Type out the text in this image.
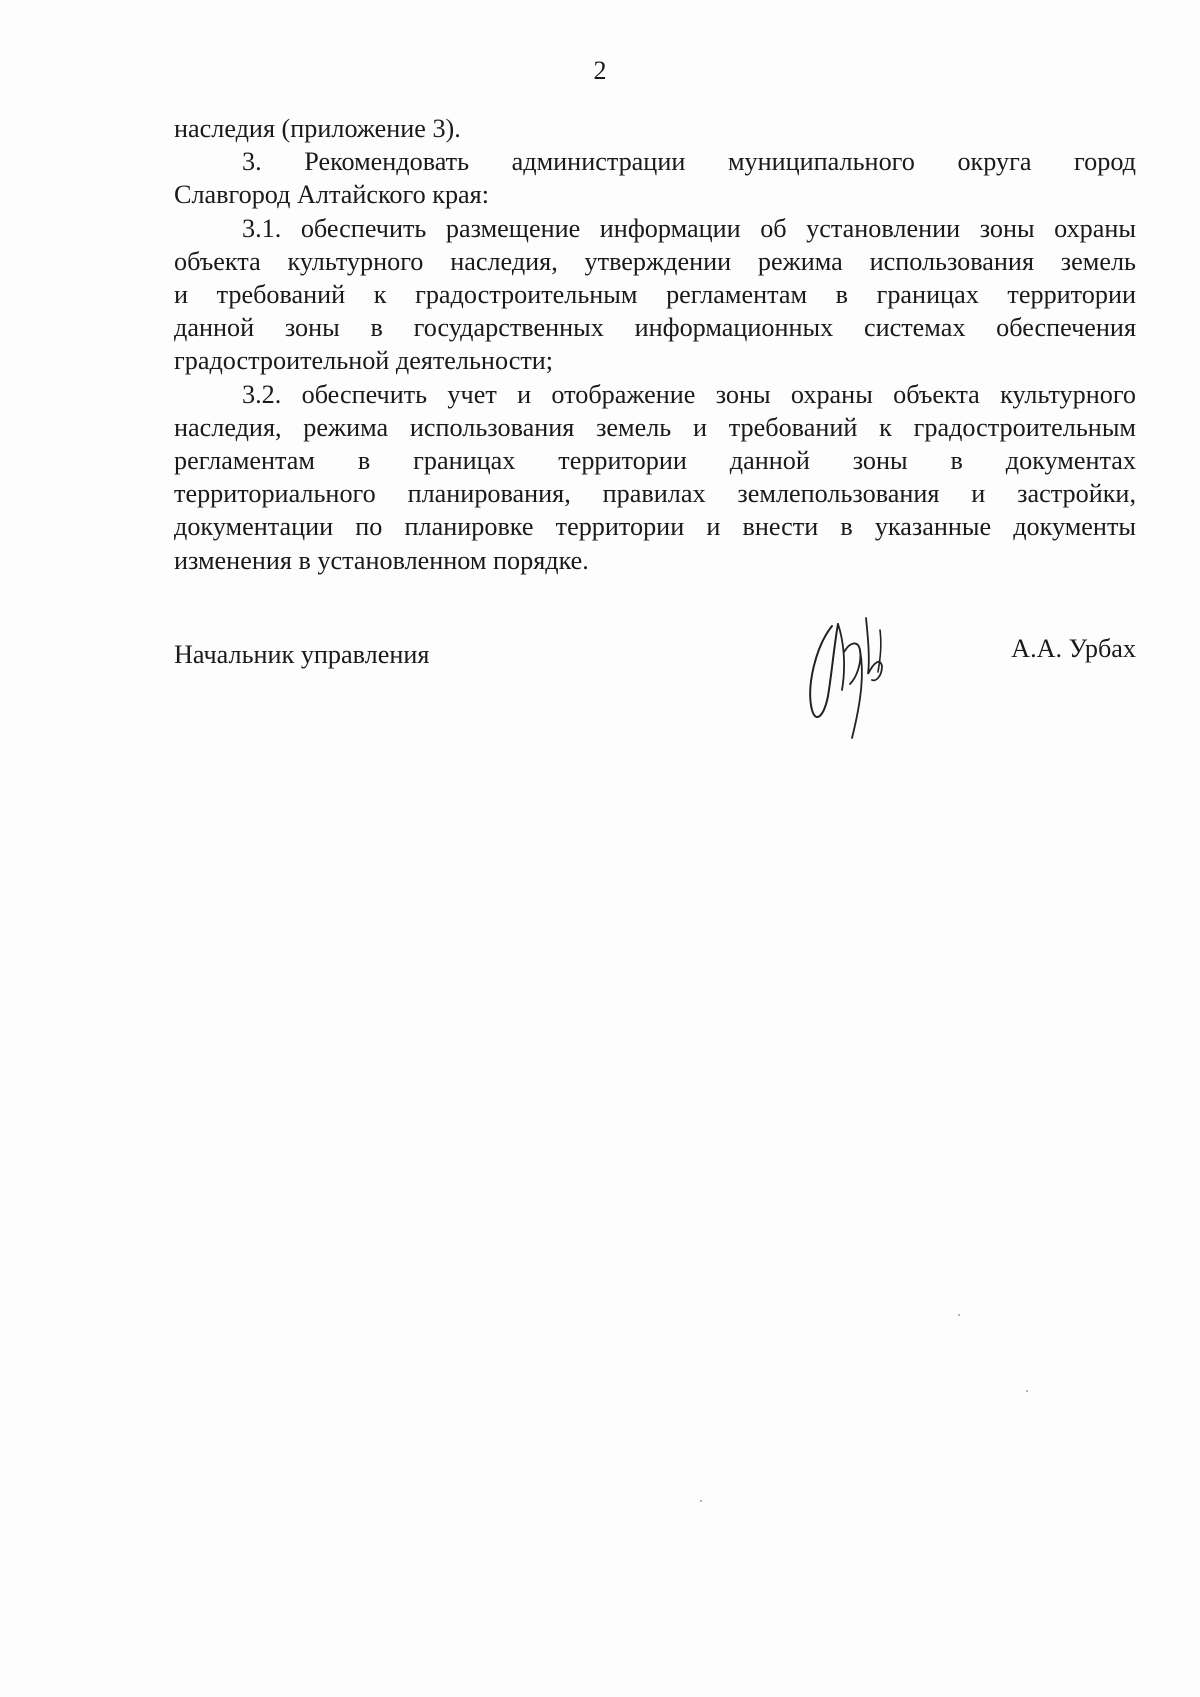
2
наследия (приложение 3).
3. Рекомендовать администрации муниципального округа город
Славгород Алтайского края:
3.1. обеспечить размещение информации об установлении зоны охраны
объекта культурного наследия, утверждении режима использования земель
и требований к градостроительным регламентам в границах территории
данной зоны в государственных информационных системах обеспечения
градостроительной деятельности;
3.2. обеспечить учет и отображение зоны охраны объекта культурного
наследия, режима использования земель и требований к градостроительным
регламентам в границах территории данной зоны в документах
территориального планирования, правилах землепользования и застройки,
документации по планировке территории и внести в указанные документы
изменения в установленном порядке.
Начальник управления	А.А. Урбах
